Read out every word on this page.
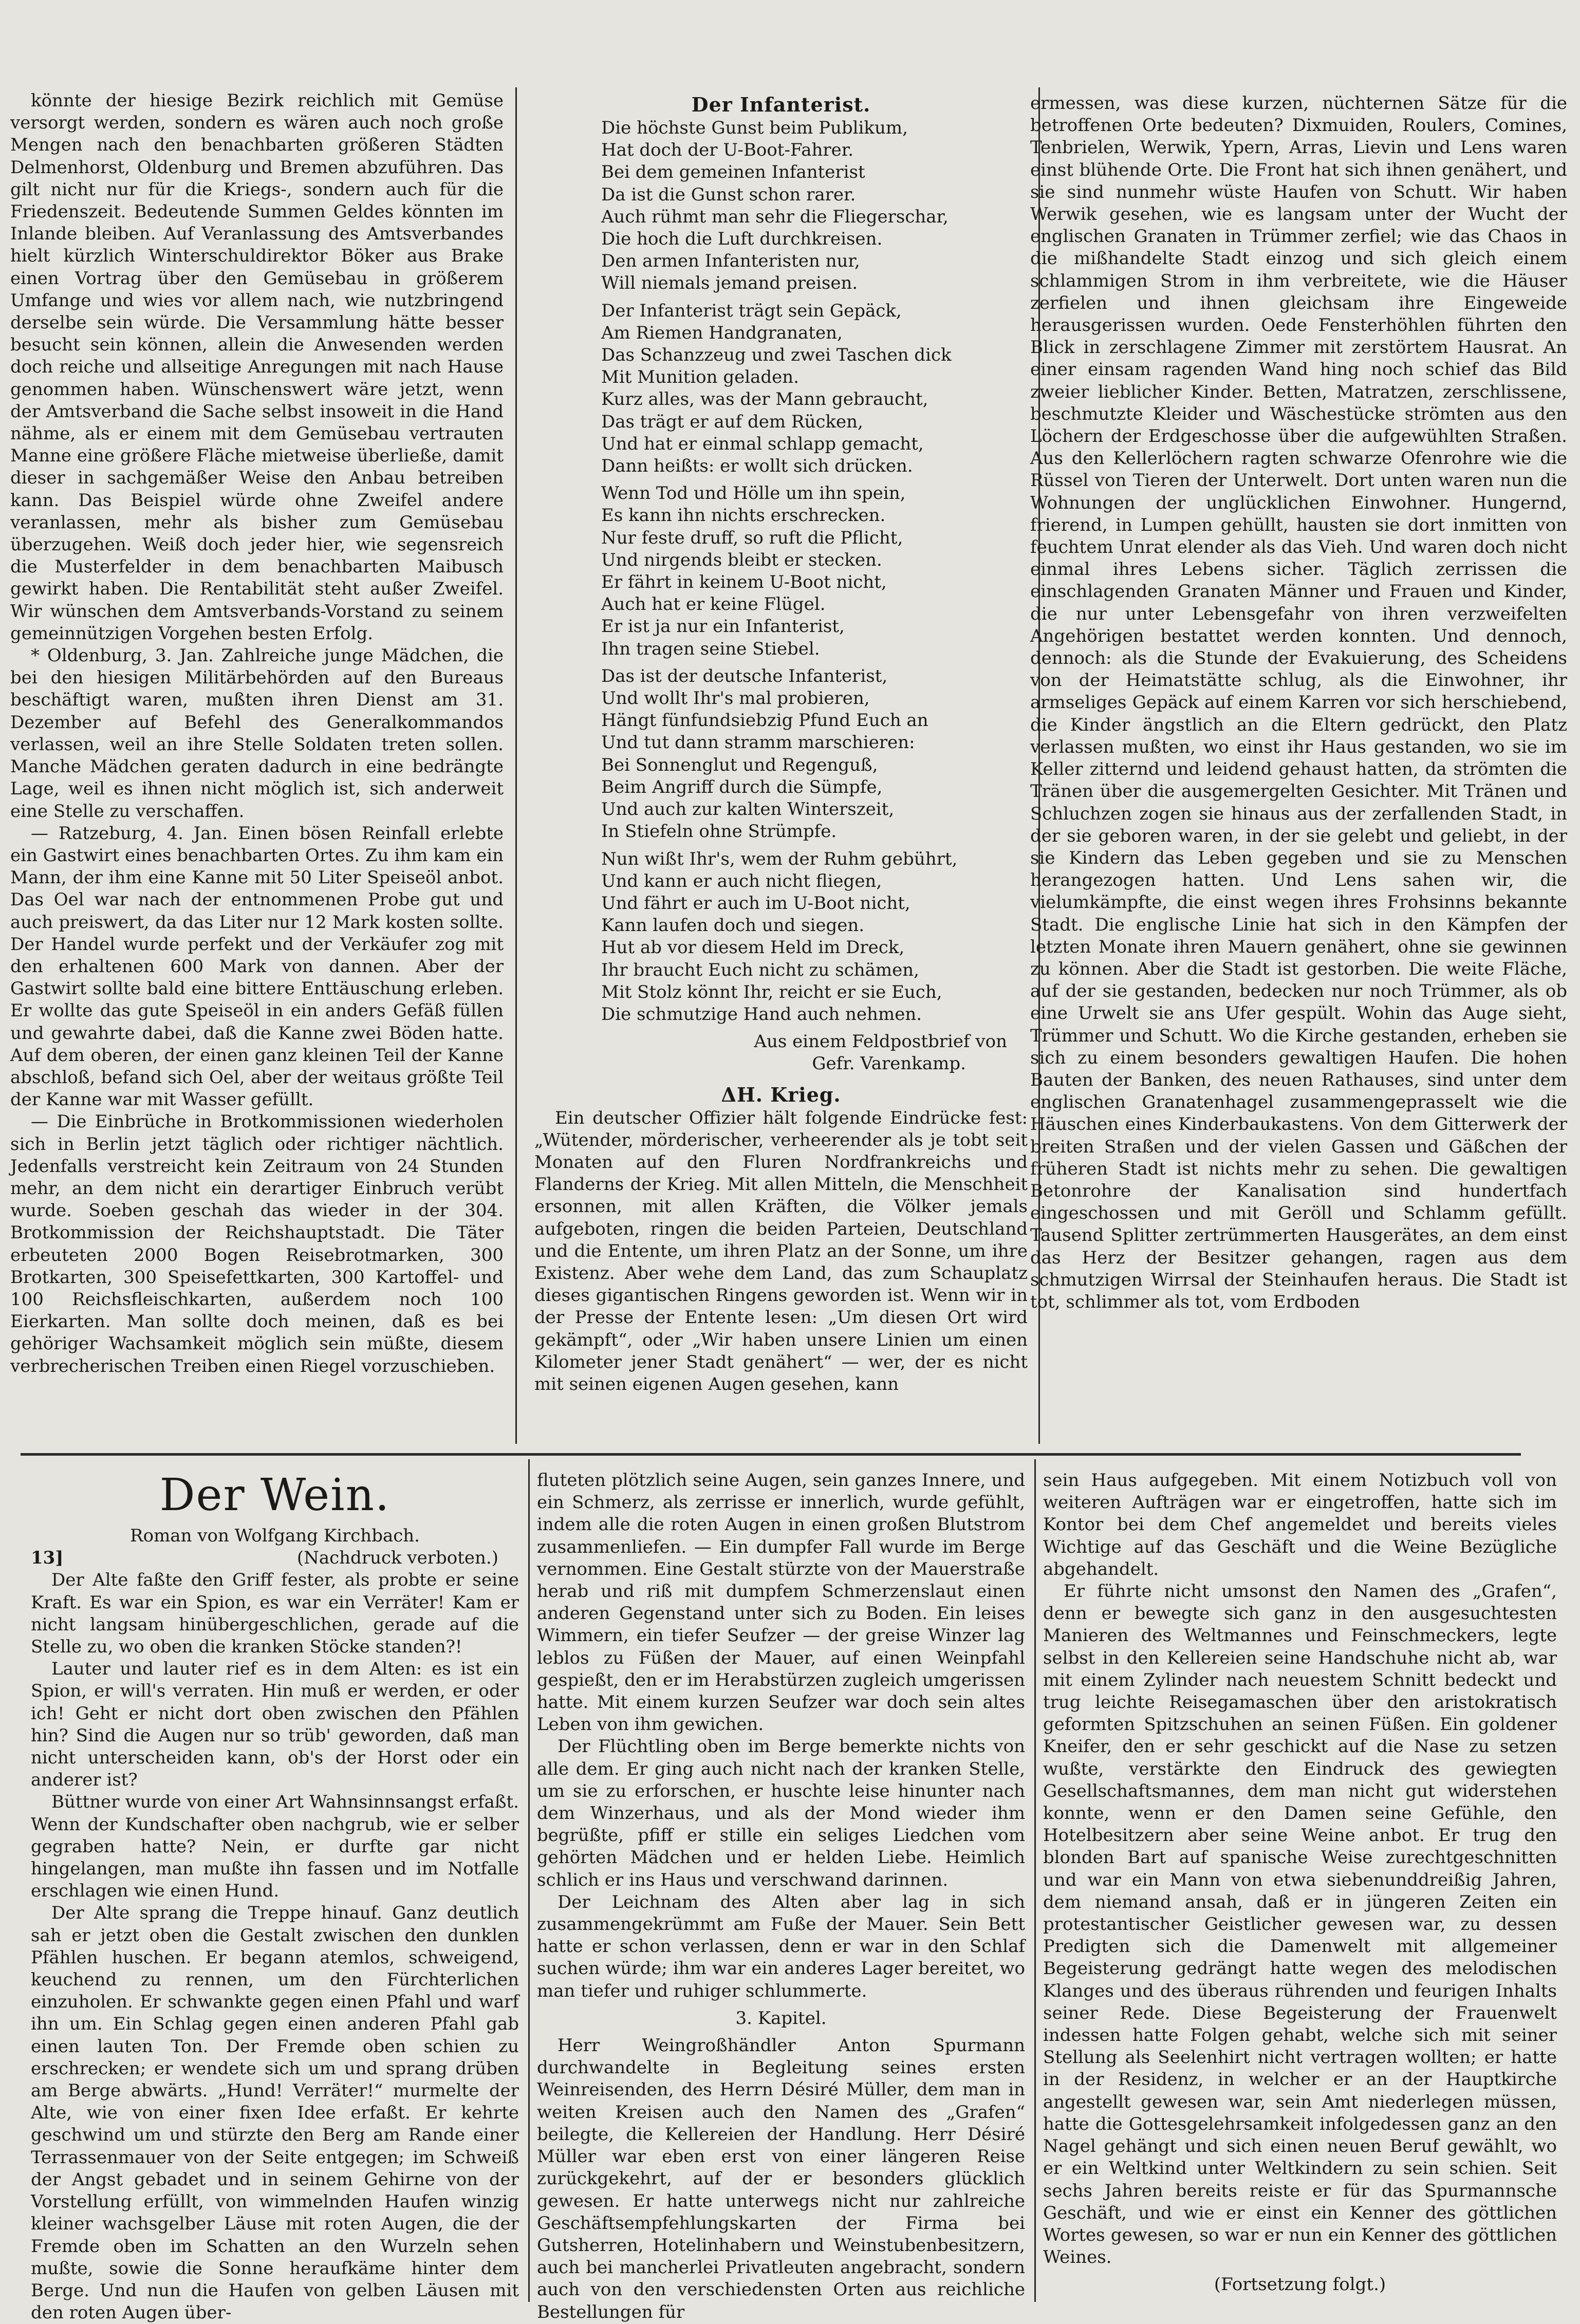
könnte der hiesige Bezirk reichlich mit Gemüse versorgt werden, sondern es wären auch noch große Mengen nach den benachbarten größeren Städten Delmenhorst, Oldenburg und Bremen abzuführen. Das gilt nicht nur für die Kriegs-, sondern auch für die Friedenszeit. Bedeutende Summen Geldes könnten im Inlande bleiben. Auf Veranlassung des Amtsverbandes hielt kürzlich Winterschuldirektor Böker aus Brake einen Vortrag über den Gemüsebau in größerem Umfange und wies vor allem nach, wie nutzbringend derselbe sein würde. Die Versammlung hätte besser besucht sein können, allein die Anwesenden werden doch reiche und allseitige Anregungen mit nach Hause genommen haben. Wünschenswert wäre jetzt, wenn der Amtsverband die Sache selbst insoweit in die Hand nähme, als er einem mit dem Gemüsebau vertrauten Manne eine größere Fläche mietweise überließe, damit dieser in sachgemäßer Weise den Anbau betreiben kann. Das Beispiel würde ohne Zweifel andere veranlassen, mehr als bisher zum Gemüsebau überzugehen. Weiß doch jeder hier, wie segensreich die Musterfelder in dem benachbarten Maibusch gewirkt haben. Die Rentabilität steht außer Zweifel. Wir wünschen dem Amtsverbands-Vorstand zu seinem gemeinnützigen Vorgehen besten Erfolg.

* Oldenburg, 3. Jan. Zahlreiche junge Mädchen, die bei den hiesigen Militärbehörden auf den Bureaus beschäftigt waren, mußten ihren Dienst am 31. Dezember auf Befehl des Generalkommandos verlassen, weil an ihre Stelle Soldaten treten sollen. Manche Mädchen geraten dadurch in eine bedrängte Lage, weil es ihnen nicht möglich ist, sich anderweit eine Stelle zu verschaffen.

— Ratzeburg, 4. Jan. Einen bösen Reinfall erlebte ein Gastwirt eines benachbarten Ortes. Zu ihm kam ein Mann, der ihm eine Kanne mit 50 Liter Speiseöl anbot. Das Oel war nach der entnommenen Probe gut und auch preiswert, da das Liter nur 12 Mark kosten sollte. Der Handel wurde perfekt und der Verkäufer zog mit den erhaltenen 600 Mark von dannen. Aber der Gastwirt sollte bald eine bittere Enttäuschung erleben. Er wollte das gute Speiseöl in ein anders Gefäß füllen und gewahrte dabei, daß die Kanne zwei Böden hatte. Auf dem oberen, der einen ganz kleinen Teil der Kanne abschloß, befand sich Oel, aber der weitaus größte Teil der Kanne war mit Wasser gefüllt.

— Die Einbrüche in Brotkommissionen wiederholen sich in Berlin jetzt täglich oder richtiger nächtlich. Jedenfalls verstreicht kein Zeitraum von 24 Stunden mehr, an dem nicht ein derartiger Einbruch verübt wurde. Soeben geschah das wieder in der 304. Brotkommission der Reichshauptstadt. Die Täter erbeuteten 2000 Bogen Reisebrotmarken, 300 Brotkarten, 300 Speisefettkarten, 300 Kartoffel- und 100 Reichsfleischkarten, außerdem noch 100 Eierkarten. Man sollte doch meinen, daß es bei gehöriger Wachsamkeit möglich sein müßte, diesem verbrecherischen Treiben einen Riegel vorzuschieben.

Der Infanterist.

Die höchste Gunst beim Publikum,

Hat doch der U-Boot-Fahrer.

Bei dem gemeinen Infanterist

Da ist die Gunst schon rarer.

Auch rühmt man sehr die Fliegerschar,

Die hoch die Luft durchkreisen.

Den armen Infanteristen nur,

Will niemals jemand preisen.

Der Infanterist trägt sein Gepäck,

Am Riemen Handgranaten,

Das Schanzzeug und zwei Taschen dick

Mit Munition geladen.

Kurz alles, was der Mann gebraucht,

Das trägt er auf dem Rücken,

Und hat er einmal schlapp gemacht,

Dann heißts: er wollt sich drücken.

Wenn Tod und Hölle um ihn spein,

Es kann ihn nichts erschrecken.

Nur feste druff, so ruft die Pflicht,

Und nirgends bleibt er stecken.

Er fährt in keinem U-Boot nicht,

Auch hat er keine Flügel.

Er ist ja nur ein Infanterist,

Ihn tragen seine Stiebel.

Das ist der deutsche Infanterist,

Und wollt Ihr's mal probieren,

Hängt fünfundsiebzig Pfund Euch an

Und tut dann stramm marschieren:

Bei Sonnenglut und Regenguß,

Beim Angriff durch die Sümpfe,

Und auch zur kalten Winterszeit,

In Stiefeln ohne Strümpfe.

Nun wißt Ihr's, wem der Ruhm gebührt,

Und kann er auch nicht fliegen,

Und fährt er auch im U-Boot nicht,

Kann laufen doch und siegen.

Hut ab vor diesem Held im Dreck,

Ihr braucht Euch nicht zu schämen,

Mit Stolz könnt Ihr, reicht er sie Euch,

Die schmutzige Hand auch nehmen.

Aus einem Feldpostbrief von

Gefr. Varenkamp.

ΔH. Krieg.

Ein deutscher Offizier hält folgende Eindrücke fest: „Wütender, mörderischer, verheerender als je tobt seit Monaten auf den Fluren Nordfrankreichs und Flanderns der Krieg. Mit allen Mitteln, die Menschheit ersonnen, mit allen Kräften, die Völker jemals aufgeboten, ringen die beiden Parteien, Deutschland und die Entente, um ihren Platz an der Sonne, um ihre Existenz. Aber wehe dem Land, das zum Schauplatz dieses gigantischen Ringens geworden ist. Wenn wir in der Presse der Entente lesen: „Um diesen Ort wird gekämpft“, oder „Wir haben unsere Linien um einen Kilometer jener Stadt genähert“ — wer, der es nicht mit seinen eigenen Augen gesehen, kann

ermessen, was diese kurzen, nüchternen Sätze für die betroffenen Orte bedeuten? Dixmuiden, Roulers, Comines, Tenbrielen, Werwik, Ypern, Arras, Lievin und Lens waren einst blühende Orte. Die Front hat sich ihnen genähert, und sie sind nunmehr wüste Haufen von Schutt. Wir haben Werwik gesehen, wie es langsam unter der Wucht der englischen Granaten in Trümmer zerfiel; wie das Chaos in die mißhandelte Stadt einzog und sich gleich einem schlammigen Strom in ihm verbreitete, wie die Häuser zerfielen und ihnen gleichsam ihre Eingeweide herausgerissen wurden. Oede Fensterhöhlen führten den Blick in zerschlagene Zimmer mit zerstörtem Hausrat. An einer einsam ragenden Wand hing noch schief das Bild zweier lieblicher Kinder. Betten, Matratzen, zerschlissene, beschmutzte Kleider und Wäschestücke strömten aus den Löchern der Erdgeschosse über die aufgewühlten Straßen. Aus den Kellerlöchern ragten schwarze Ofenrohre wie die Rüssel von Tieren der Unterwelt. Dort unten waren nun die Wohnungen der unglücklichen Einwohner. Hungernd, frierend, in Lumpen gehüllt, hausten sie dort inmitten von feuchtem Unrat elender als das Vieh. Und waren doch nicht einmal ihres Lebens sicher. Täglich zerrissen die einschlagenden Granaten Männer und Frauen und Kinder, die nur unter Lebensgefahr von ihren verzweifelten Angehörigen bestattet werden konnten. Und dennoch, dennoch: als die Stunde der Evakuierung, des Scheidens von der Heimatstätte schlug, als die Einwohner, ihr armseliges Gepäck auf einem Karren vor sich herschiebend, die Kinder ängstlich an die Eltern gedrückt, den Platz verlassen mußten, wo einst ihr Haus gestanden, wo sie im Keller zitternd und leidend gehaust hatten, da strömten die Tränen über die ausgemergelten Gesichter. Mit Tränen und Schluchzen zogen sie hinaus aus der zerfallenden Stadt, in der sie geboren waren, in der sie gelebt und geliebt, in der sie Kindern das Leben gegeben und sie zu Menschen herangezogen hatten. Und Lens sahen wir, die vielumkämpfte, die einst wegen ihres Frohsinns bekannte Stadt. Die englische Linie hat sich in den Kämpfen der letzten Monate ihren Mauern genähert, ohne sie gewinnen zu können. Aber die Stadt ist gestorben. Die weite Fläche, auf der sie gestanden, bedecken nur noch Trümmer, als ob eine Urwelt sie ans Ufer gespült. Wohin das Auge sieht, Trümmer und Schutt. Wo die Kirche gestanden, erheben sie sich zu einem besonders gewaltigen Haufen. Die hohen Bauten der Banken, des neuen Rathauses, sind unter dem englischen Granatenhagel zusammengeprasselt wie die Häuschen eines Kinderbaukastens. Von dem Gitterwerk der breiten Straßen und der vielen Gassen und Gäßchen der früheren Stadt ist nichts mehr zu sehen. Die gewaltigen Betonrohre der Kanalisation sind hundertfach eingeschossen und mit Geröll und Schlamm gefüllt. Tausend Splitter zertrümmerten Hausgerätes, an dem einst das Herz der Besitzer gehangen, ragen aus dem schmutzigen Wirrsal der Steinhaufen heraus. Die Stadt ist tot, schlimmer als tot, vom Erdboden

Der Wein.

Roman von Wolfgang Kirchbach.

13]	(Nachdruck verboten.)

Der Alte faßte den Griff fester, als probte er seine Kraft. Es war ein Spion, es war ein Verräter! Kam er nicht langsam hinübergeschlichen, gerade auf die Stelle zu, wo oben die kranken Stöcke standen?!

Lauter und lauter rief es in dem Alten: es ist ein Spion, er will's verraten. Hin muß er werden, er oder ich! Geht er nicht dort oben zwischen den Pfählen hin? Sind die Augen nur so trüb' geworden, daß man nicht unterscheiden kann, ob's der Horst oder ein anderer ist?

Büttner wurde von einer Art Wahnsinnsangst erfaßt. Wenn der Kundschafter oben nachgrub, wie er selber gegraben hatte? Nein, er durfte gar nicht hingelangen, man mußte ihn fassen und im Notfalle erschlagen wie einen Hund.

Der Alte sprang die Treppe hinauf. Ganz deutlich sah er jetzt oben die Gestalt zwischen den dunklen Pfählen huschen. Er begann atemlos, schweigend, keuchend zu rennen, um den Fürchterlichen einzuholen. Er schwankte gegen einen Pfahl und warf ihn um. Ein Schlag gegen einen anderen Pfahl gab einen lauten Ton. Der Fremde oben schien zu erschrecken; er wendete sich um und sprang drüben am Berge abwärts. „Hund! Verräter!“ murmelte der Alte, wie von einer fixen Idee erfaßt. Er kehrte geschwind um und stürzte den Berg am Rande einer Terrassenmauer von der Seite entgegen; im Schweiß der Angst gebadet und in seinem Gehirne von der Vorstellung erfüllt, von wimmelnden Haufen winzig kleiner wachsgelber Läuse mit roten Augen, die der Fremde oben im Schatten an den Wurzeln sehen mußte, sowie die Sonne heraufkäme hinter dem Berge. Und nun die Haufen von gelben Läusen mit den roten Augen über-

fluteten plötzlich seine Augen, sein ganzes Innere, und ein Schmerz, als zerrisse er innerlich, wurde gefühlt, indem alle die roten Augen in einen großen Blutstrom zusammenliefen. — Ein dumpfer Fall wurde im Berge vernommen. Eine Gestalt stürzte von der Mauerstraße herab und riß mit dumpfem Schmerzenslaut einen anderen Gegenstand unter sich zu Boden. Ein leises Wimmern, ein tiefer Seufzer — der greise Winzer lag leblos zu Füßen der Mauer, auf einen Weinpfahl gespießt, den er im Herabstürzen zugleich umgerissen hatte. Mit einem kurzen Seufzer war doch sein altes Leben von ihm gewichen.

Der Flüchtling oben im Berge bemerkte nichts von alle dem. Er ging auch nicht nach der kranken Stelle, um sie zu erforschen, er huschte leise hinunter nach dem Winzerhaus, und als der Mond wieder ihm begrüßte, pfiff er stille ein seliges Liedchen vom gehörten Mädchen und er helden Liebe. Heimlich schlich er ins Haus und verschwand darinnen.

Der Leichnam des Alten aber lag in sich zusammengekrümmt am Fuße der Mauer. Sein Bett hatte er schon verlassen, denn er war in den Schlaf suchen würde; ihm war ein anderes Lager bereitet, wo man tiefer und ruhiger schlummerte.

3. Kapitel.

Herr Weingroßhändler Anton Spurmann durchwandelte in Begleitung seines ersten Weinreisenden, des Herrn Désiré Müller, dem man in weiten Kreisen auch den Namen des „Grafen“ beilegte, die Kellereien der Handlung. Herr Désiré Müller war eben erst von einer längeren Reise zurückgekehrt, auf der er besonders glücklich gewesen. Er hatte unterwegs nicht nur zahlreiche Geschäftsempfehlungskarten der Firma bei Gutsherren, Hotelinhabern und Weinstubenbesitzern, auch bei mancherlei Privatleuten angebracht, sondern auch von den verschiedensten Orten aus reichliche Bestellungen für

sein Haus aufgegeben. Mit einem Notizbuch voll von weiteren Aufträgen war er eingetroffen, hatte sich im Kontor bei dem Chef angemeldet und bereits vieles Wichtige auf das Geschäft und die Weine Bezügliche abgehandelt.

Er führte nicht umsonst den Namen des „Grafen“, denn er bewegte sich ganz in den ausgesuchtesten Manieren des Weltmannes und Feinschmeckers, legte selbst in den Kellereien seine Handschuhe nicht ab, war mit einem Zylinder nach neuestem Schnitt bedeckt und trug leichte Reisegamaschen über den aristokratisch geformten Spitzschuhen an seinen Füßen. Ein goldener Kneifer, den er sehr geschickt auf die Nase zu setzen wußte, verstärkte den Eindruck des gewiegten Gesellschaftsmannes, dem man nicht gut widerstehen konnte, wenn er den Damen seine Gefühle, den Hotelbesitzern aber seine Weine anbot. Er trug den blonden Bart auf spanische Weise zurechtgeschnitten und war ein Mann von etwa siebenunddreißig Jahren, dem niemand ansah, daß er in jüngeren Zeiten ein protestantischer Geistlicher gewesen war, zu dessen Predigten sich die Damenwelt mit allgemeiner Begeisterung gedrängt hatte wegen des melodischen Klanges und des überaus rührenden und feurigen Inhalts seiner Rede. Diese Begeisterung der Frauenwelt indessen hatte Folgen gehabt, welche sich mit seiner Stellung als Seelenhirt nicht vertragen wollten; er hatte in der Residenz, in welcher er an der Hauptkirche angestellt gewesen war, sein Amt niederlegen müssen, hatte die Gottesgelehrsamkeit infolgedessen ganz an den Nagel gehängt und sich einen neuen Beruf gewählt, wo er ein Weltkind unter Weltkindern zu sein schien. Seit sechs Jahren bereits reiste er für das Spurmannsche Geschäft, und wie er einst ein Kenner des göttlichen Wortes gewesen, so war er nun ein Kenner des göttlichen Weines.

(Fortsetzung folgt.)
